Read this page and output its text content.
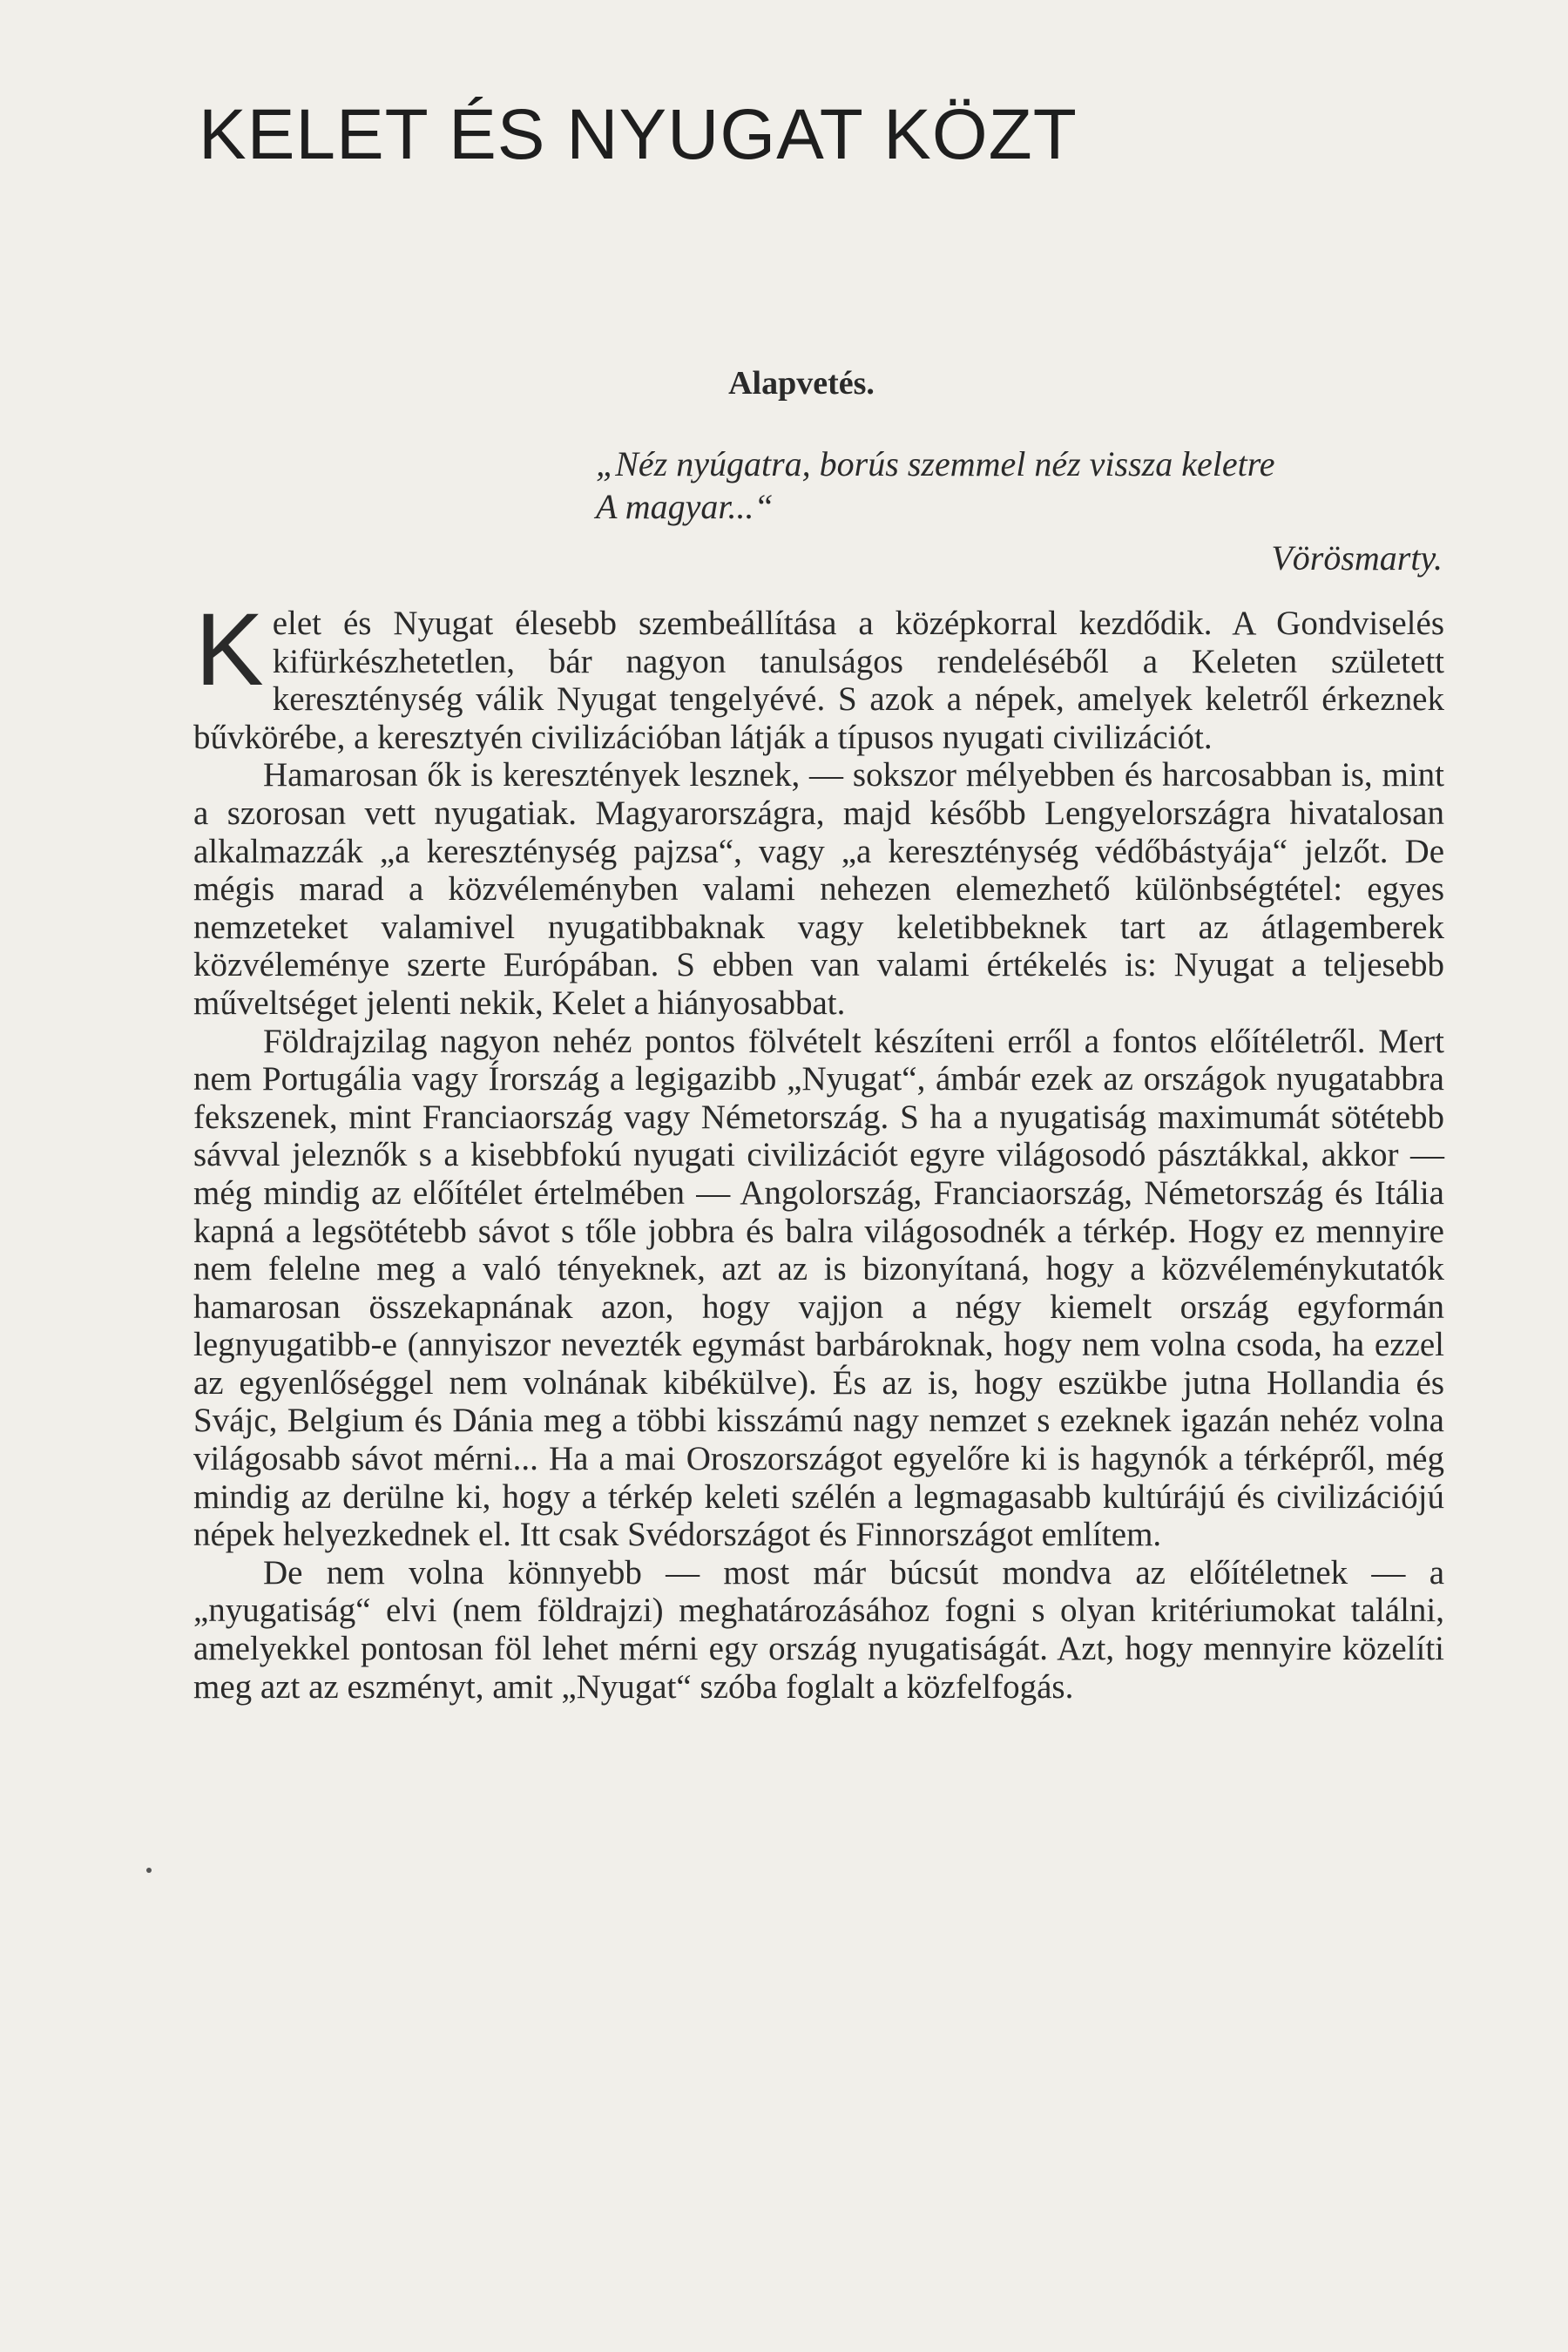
KELET ÉS NYUGAT KÖZT
Alapvetés.
„Néz nyúgatra, borús szemmel néz vissza keletre
A magyar...“
Vörösmarty.

K elet és Nyugat élesebb szembeállítása a középkorral kezdődik. A Gondviselés kifürkészhetetlen, bár nagyon tanulságos rendeléséből a Keleten született kereszténység válik Nyugat tengelyévé. S azok a népek, amelyek keletről érkeznek bűvkörébe, a keresztyén civilizációban látják a típusos nyugati civilizációt.

Hamarosan ők is keresztények lesznek, — sokszor mélyebben és harcosabban is, mint a szorosan vett nyugatiak. Magyarországra, majd később Lengyelországra hivatalosan alkalmazzák „a kereszténység pajzsa“, vagy „a kereszténység védőbástyája“ jelzőt. De mégis marad a közvéleményben valami nehezen elemezhető különbségtétel: egyes nemzeteket valamivel nyugatibbaknak vagy keletibbeknek tart az átlagemberek közvéleménye szerte Európában. S ebben van valami értékelés is: Nyugat a teljesebb műveltséget jelenti nekik, Kelet a hiányosabbat.

Földrajzilag nagyon nehéz pontos fölvételt készíteni erről a fontos előítéletről. Mert nem Portugália vagy Írország a legigazibb „Nyugat“, ámbár ezek az országok nyugatabbra fekszenek, mint Franciaország vagy Németország. S ha a nyugatiság maximumát sötétebb sávval jeleznők s a kisebbfokú nyugati civilizációt egyre világosodó pásztákkal, akkor — még mindig az előítélet értelmében — Angolország, Franciaország, Németország és Itália kapná a legsötétebb sávot s tőle jobbra és balra világosodnék a térkép. Hogy ez mennyire nem felelne meg a való tényeknek, azt az is bizonyítaná, hogy a közvéleménykutatók hamarosan összekapnának azon, hogy vajjon a négy kiemelt ország egyformán legnyugatibb-e (annyiszor nevezték egymást barbároknak, hogy nem volna csoda, ha ezzel az egyenlőséggel nem volnának kibékülve). És az is, hogy eszükbe jutna Hollandia és Svájc, Belgium és Dánia meg a többi kisszámú nagy nemzet s ezeknek igazán nehéz volna világosabb sávot mérni... Ha a mai Oroszországot egyelőre ki is hagynók a térképről, még mindig az derülne ki, hogy a térkép keleti szélén a legmagasabb kultúrájú és civilizációjú népek helyezkednek el. Itt csak Svédországot és Finnországot említem.

De nem volna könnyebb — most már búcsút mondva az előítéletnek — a „nyugatiság“ elvi (nem földrajzi) meghatározásához fogni s olyan kritériumokat találni, amelyekkel pontosan föl lehet mérni egy ország nyugatiságát. Azt, hogy mennyire közelíti meg azt az eszményt, amit „Nyugat“ szóba foglalt a közfelfogás.
